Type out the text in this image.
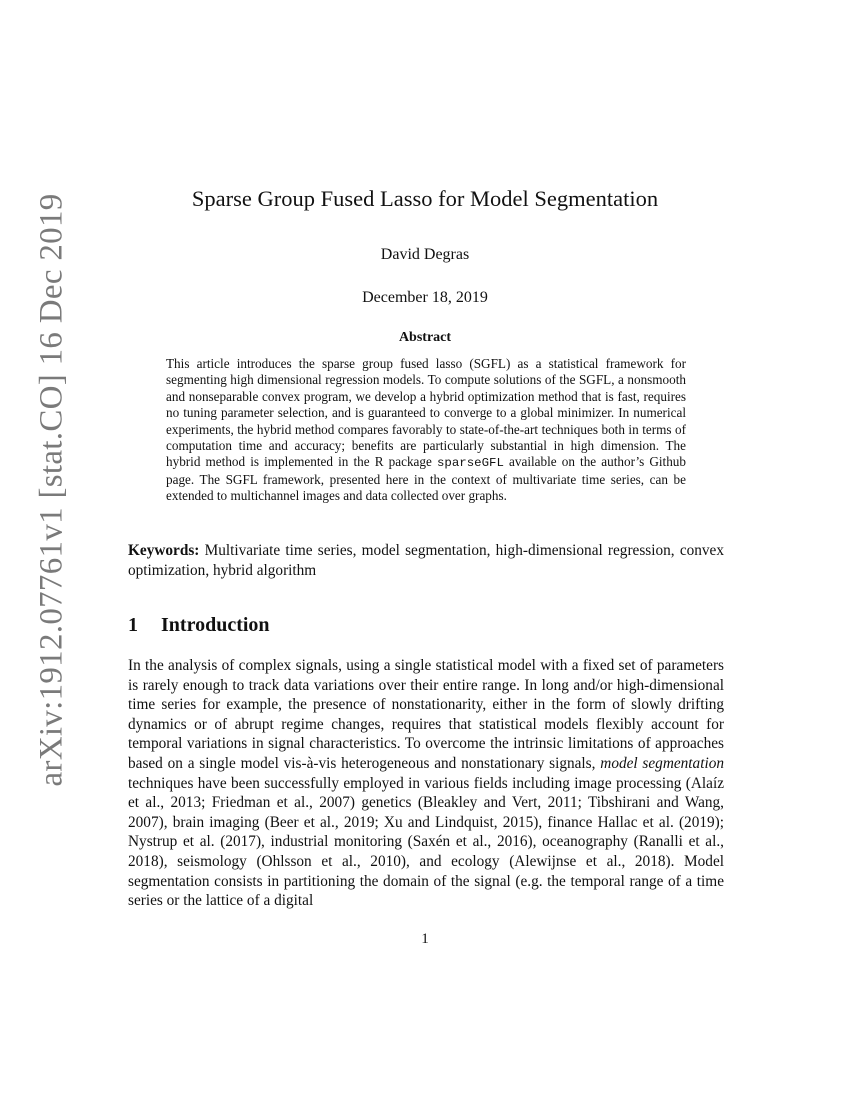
arXiv:1912.07761v1 [stat.CO] 16 Dec 2019	Sparse Group Fused Lasso for Model Segmentation
David Degras
December 18, 2019
Abstract
This article introduces the sparse group fused lasso (SGFL) as a statistical framework for segmenting high dimensional regression models. To compute solutions of the SGFL, a nonsmooth and nonseparable convex program, we develop a hybrid optimization method that is fast, requires no tuning parameter selection, and is guaranteed to converge to a global minimizer. In numerical experiments, the hybrid method compares favorably to state-of-the-art techniques both in terms of computation time and accuracy; benefits are particularly substantial in high dimension. The hybrid method is implemented in the R package sparseGFL available on the author’s Github page. The SGFL framework, presented here in the context of multivariate time series, can be extended to multichannel images and data collected over graphs.
Keywords: Multivariate time series, model segmentation, high-dimensional regression, convex optimization, hybrid algorithm
1 Introduction
In the analysis of complex signals, using a single statistical model with a fixed set of parameters is rarely enough to track data variations over their entire range. In long and/or high-dimensional time series for example, the presence of nonstationarity, either in the form of slowly drifting dynamics or of abrupt regime changes, requires that statistical models flexibly account for temporal variations in signal characteristics. To overcome the intrinsic limitations of approaches based on a single model vis-à-vis heterogeneous and nonstationary signals, model segmentation techniques have been successfully employed in various fields including image processing (Alaíz et al., 2013; Friedman et al., 2007) genetics (Bleakley and Vert, 2011; Tibshirani and Wang, 2007), brain imaging (Beer et al., 2019; Xu and Lindquist, 2015), finance Hallac et al. (2019); Nystrup et al. (2017), industrial monitoring (Saxén et al., 2016), oceanography (Ranalli et al., 2018), seismology (Ohlsson et al., 2010), and ecology (Alewijnse et al., 2018). Model segmentation consists in partitioning the domain of the signal (e.g. the temporal range of a time series or the lattice of a digital
1
